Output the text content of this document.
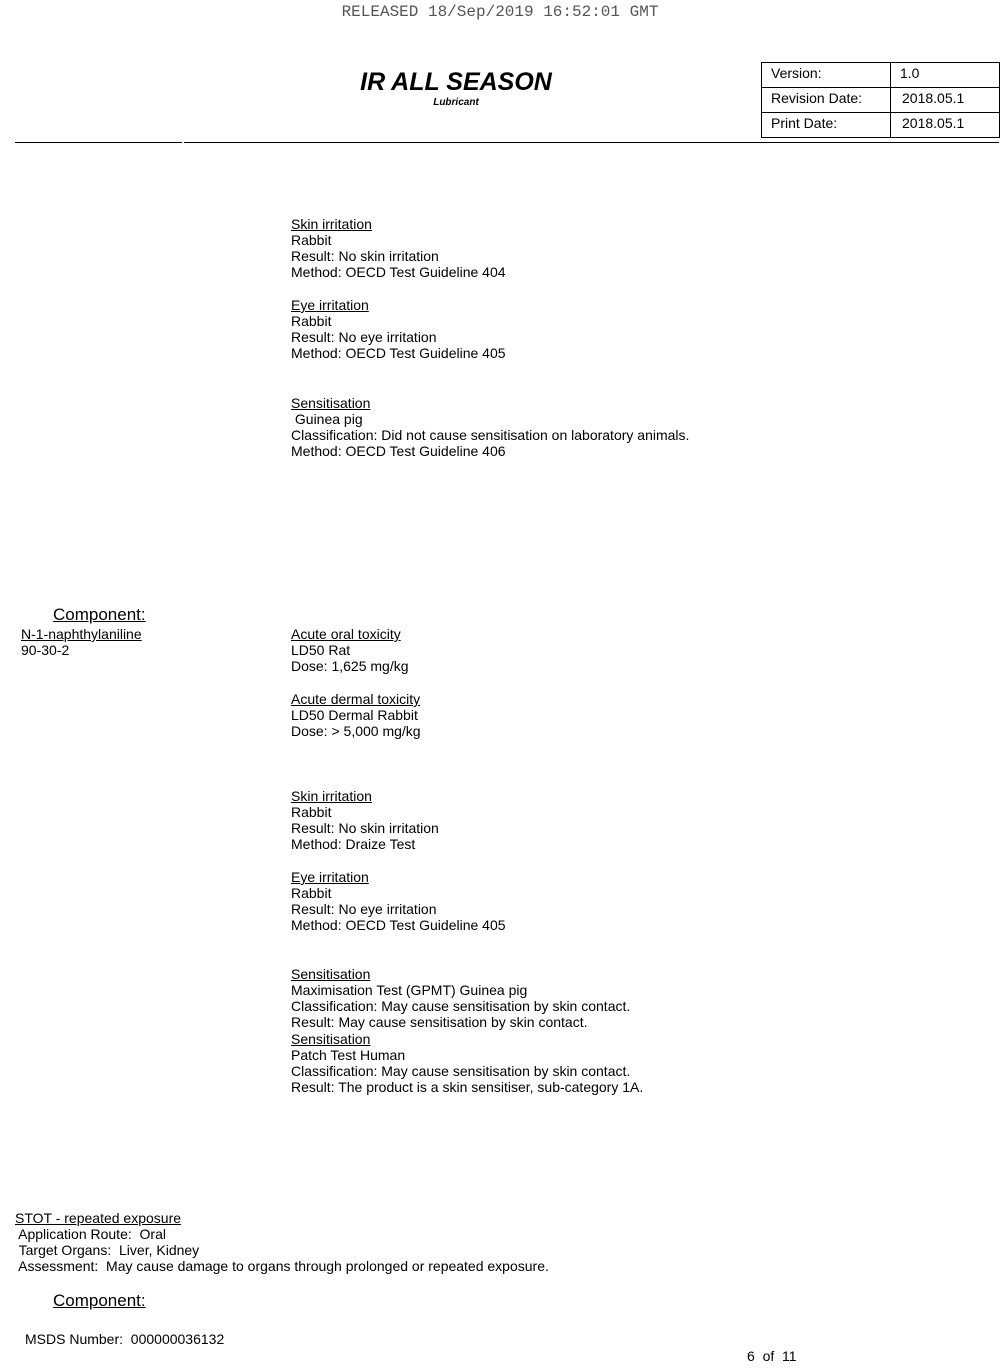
RELEASED 18/Sep/2019 16:52:01 GMT
IR ALL SEASON
Lubricant
Version:	1.0
Revision Date:	2018.05.1
Print Date:	2018.05.1
Skin irritation
Rabbit
Result: No skin irritation
Method: OECD Test Guideline 404
Eye irritation
Rabbit
Result: No eye irritation
Method: OECD Test Guideline 405
Sensitisation
Guinea pig
Classification: Did not cause sensitisation on laboratory animals.
Method: OECD Test Guideline 406
Acute oral toxicity
LD50 Rat
Dose: 1,625 mg/kg
Acute dermal toxicity
LD50 Dermal Rabbit
Dose: > 5,000 mg/kg
Skin irritation
Rabbit
Result: No skin irritation
Method: Draize Test
Eye irritation
Rabbit
Result: No eye irritation
Method: OECD Test Guideline 405
Sensitisation
Maximisation Test (GPMT) Guinea pig
Classification: May cause sensitisation by skin contact.
Result: May cause sensitisation by skin contact.
Sensitisation
Patch Test Human
Classification: May cause sensitisation by skin contact.
Result: The product is a skin sensitiser, sub-category 1A.
Component:
N-1-naphthylaniline
90-30-2
STOT - repeated exposure
Application Route:  Oral
Target Organs:  Liver, Kidney
Assessment:  May cause damage to organs through prolonged or repeated exposure.
Component:
MSDS Number:  000000036132
6  of  11
